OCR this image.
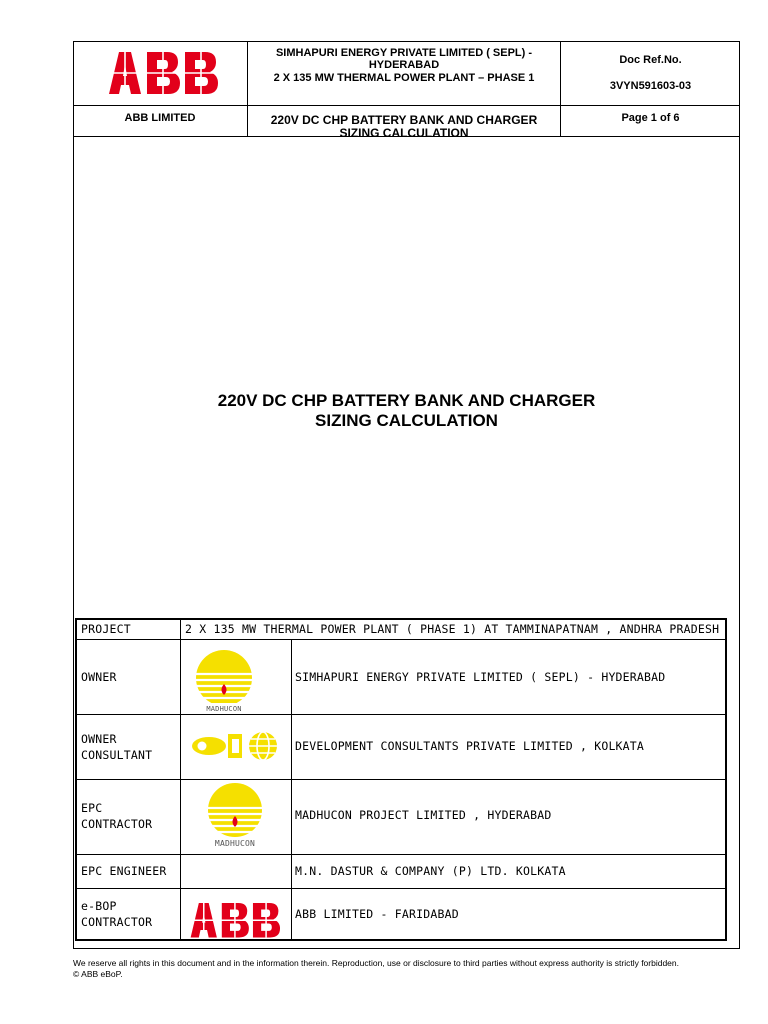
ABB LIMITED
SIMHAPURI ENERGY PRIVATE LIMITED ( SEPL) -
HYDERABAD
2 X 135 MW THERMAL POWER PLANT – PHASE 1
220V DC CHP BATTERY BANK AND CHARGER
SIZING CALCULATION
Doc Ref.No.
3VYN591603-03
Page 1 of 6
220V DC CHP BATTERY BANK AND CHARGER
SIZING CALCULATION
PROJECT	2 X 135 MW THERMAL POWER PLANT ( PHASE 1) AT TAMMINAPATNAM , ANDHRA PRADESH
OWNER
MADHUCON
SIMHAPURI ENERGY PRIVATE LIMITED ( SEPL) - HYDERABAD
OWNER
CONSULTANT
DEVELOPMENT CONSULTANTS PRIVATE LIMITED , KOLKATA
EPC
CONTRACTOR
MADHUCON
MADHUCON PROJECT LIMITED , HYDERABAD
EPC ENGINEER	M.N. DASTUR & COMPANY (P) LTD. KOLKATA
e-BOP
CONTRACTOR
ABB LIMITED - FARIDABAD
We reserve all rights in this document and in the information therein. Reproduction, use or disclosure to third parties without express authority is strictly forbidden.
© ABB eBoP.
